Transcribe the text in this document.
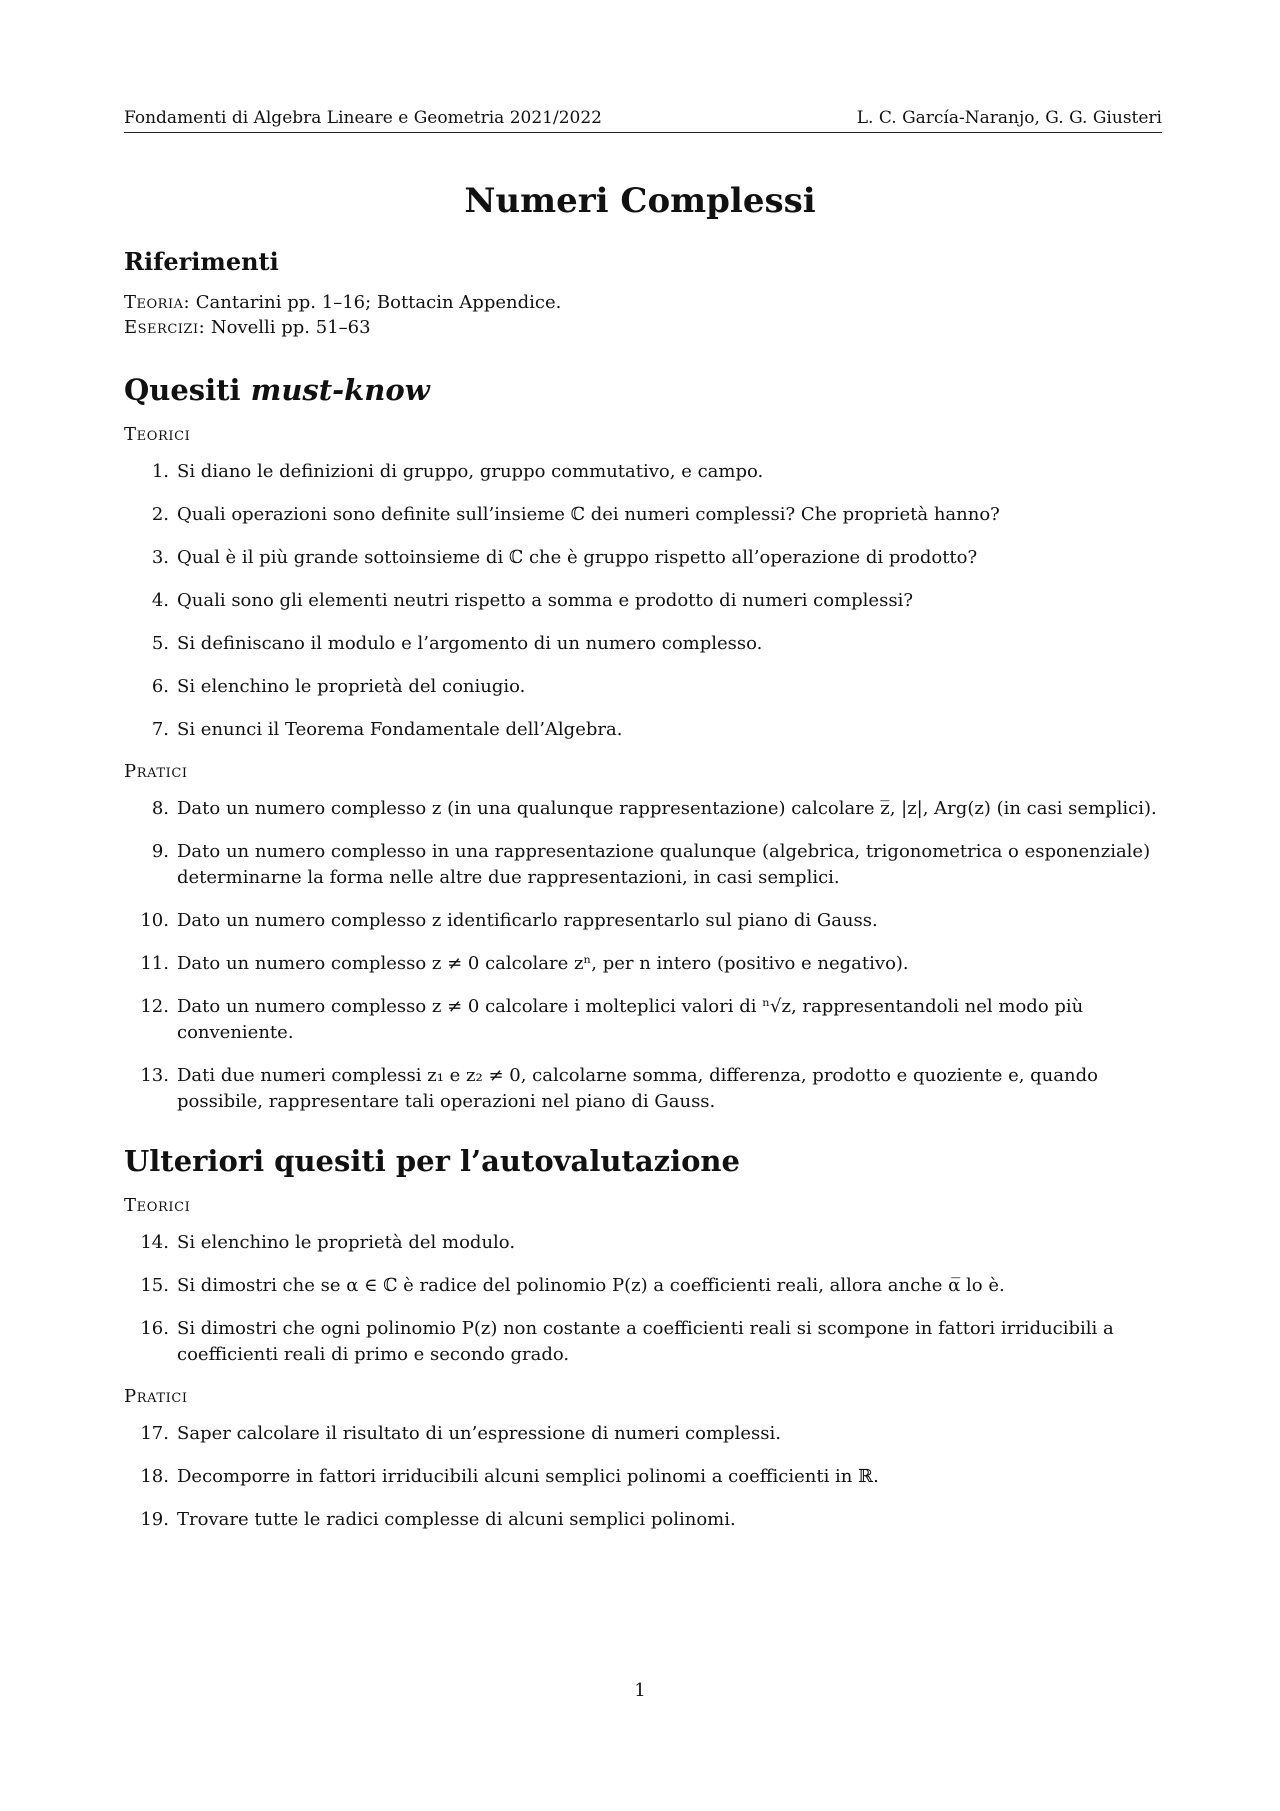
Fondamenti di Algebra Lineare e Geometria 2021/2022	L. C. García-Naranjo, G. G. Giusteri
Numeri Complessi
Riferimenti
Teoria: Cantarini pp. 1–16; Bottacin Appendice.
Esercizi: Novelli pp. 51–63
Quesiti must-know
Teorici
1. Si diano le definizioni di gruppo, gruppo commutativo, e campo.
2. Quali operazioni sono definite sull’insieme ℂ dei numeri complessi? Che proprietà hanno?
3. Qual è il più grande sottoinsieme di ℂ che è gruppo rispetto all’operazione di prodotto?
4. Quali sono gli elementi neutri rispetto a somma e prodotto di numeri complessi?
5. Si definiscano il modulo e l’argomento di un numero complesso.
6. Si elenchino le proprietà del coniugio.
7. Si enunci il Teorema Fondamentale dell’Algebra.
Pratici
8. Dato un numero complesso z (in una qualunque rappresentazione) calcolare z̅, |z|, Arg(z) (in casi semplici).
9. Dato un numero complesso in una rappresentazione qualunque (algebrica, trigonometrica o esponenziale) determinarne la forma nelle altre due rappresentazioni, in casi semplici.
10. Dato un numero complesso z identificarlo rappresentarlo sul piano di Gauss.
11. Dato un numero complesso z ≠ 0 calcolare zⁿ, per n intero (positivo e negativo).
12. Dato un numero complesso z ≠ 0 calcolare i molteplici valori di ⁿ√z, rappresentandoli nel modo più conveniente.
13. Dati due numeri complessi z₁ e z₂ ≠ 0, calcolarne somma, differenza, prodotto e quoziente e, quando possibile, rappresentare tali operazioni nel piano di Gauss.
Ulteriori quesiti per l’autovalutazione
Teorici
14. Si elenchino le proprietà del modulo.
15. Si dimostri che se α ∈ ℂ è radice del polinomio P(z) a coefficienti reali, allora anche α̅ lo è.
16. Si dimostri che ogni polinomio P(z) non costante a coefficienti reali si scompone in fattori irriducibili a coefficienti reali di primo e secondo grado.
Pratici
17. Saper calcolare il risultato di un’espressione di numeri complessi.
18. Decomporre in fattori irriducibili alcuni semplici polinomi a coefficienti in ℝ.
19. Trovare tutte le radici complesse di alcuni semplici polinomi.
1
